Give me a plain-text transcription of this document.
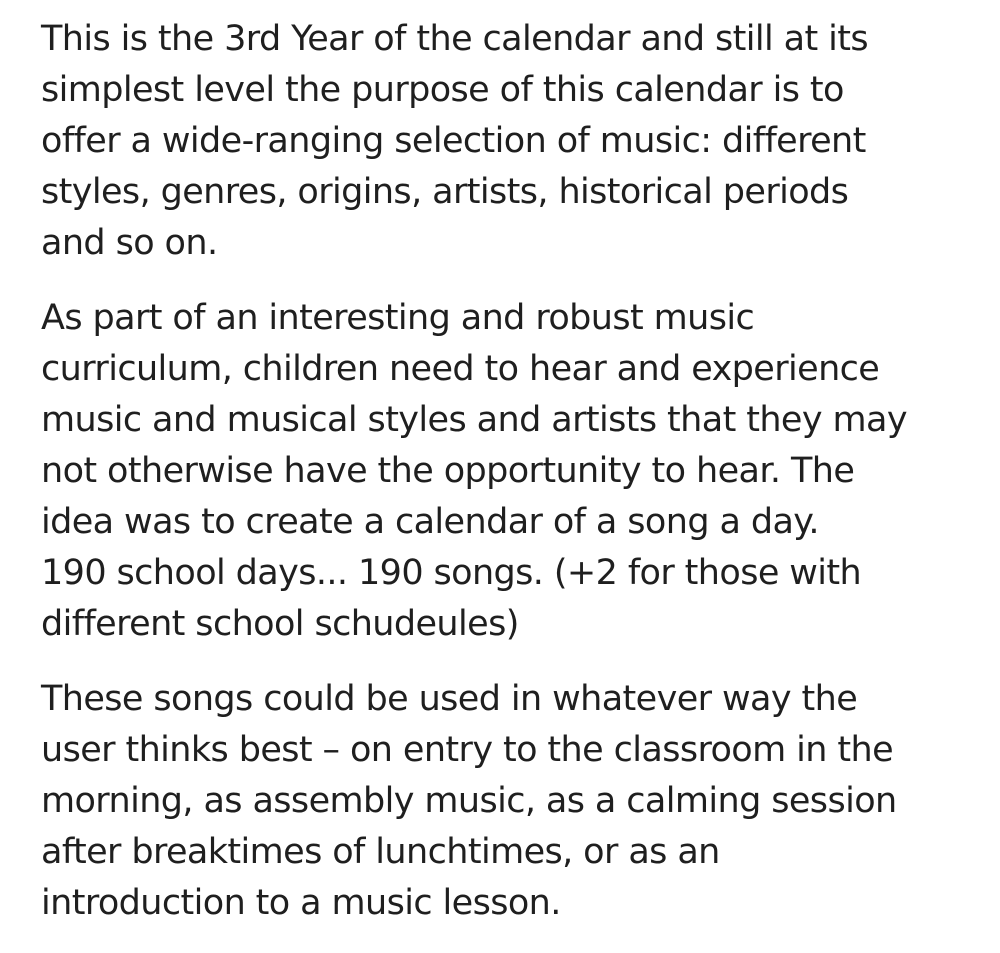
This is the 3rd Year of the calendar and still at its
simplest level the purpose of this calendar is to
offer a wide-ranging selection of music: different
styles, genres, origins, artists, historical periods
and so on.

As part of an interesting and robust music
curriculum, children need to hear and experience
music and musical styles and artists that they may
not otherwise have the opportunity to hear. The
idea was to create a calendar of a song a day.
190 school days... 190 songs. (+2 for those with
different school schudeules)

These songs could be used in whatever way the
user thinks best – on entry to the classroom in the
morning, as assembly music, as a calming session
after breaktimes of lunchtimes, or as an
introduction to a music lesson.
